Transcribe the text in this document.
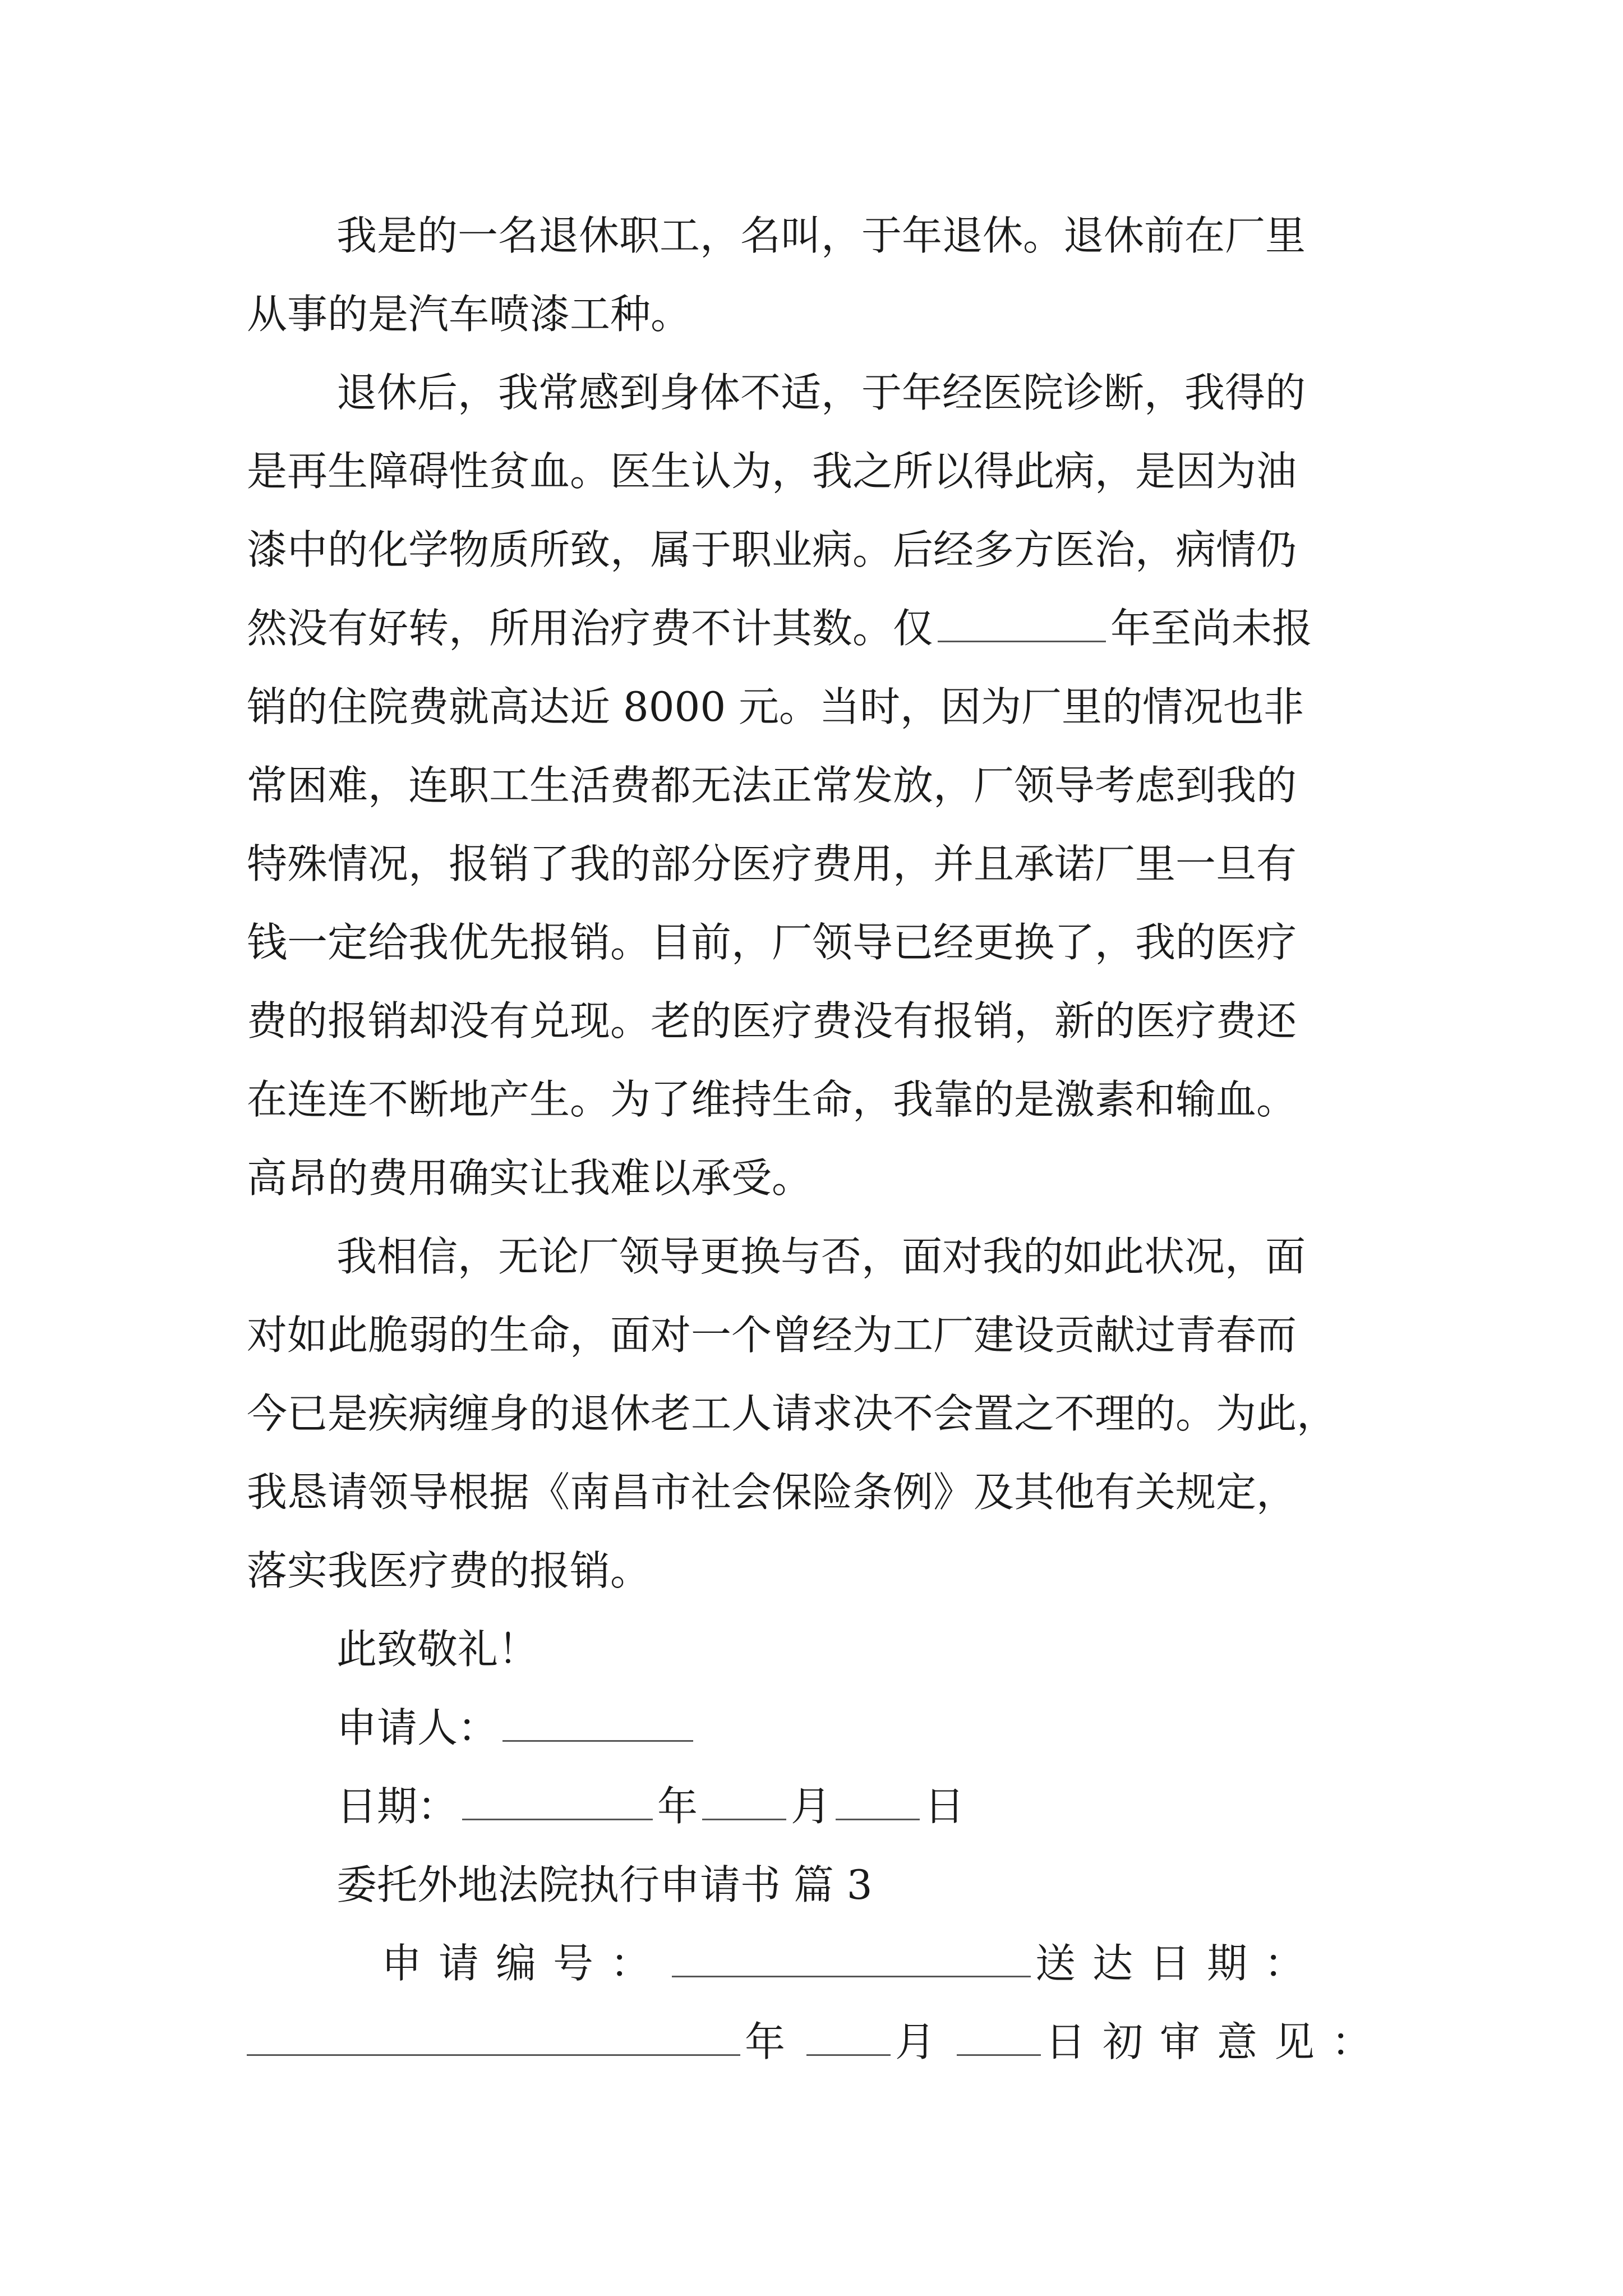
我是的一名退休职工，名叫，于年退休。退休前在厂里
从事的是汽车喷漆工种。
退休后，我常感到身体不适，于年经医院诊断，我得的
是再生障碍性贫血。医生认为，我之所以得此病，是因为油
漆中的化学物质所致，属于职业病。后经多方医治，病情仍
然没有好转，所用治疗费不计其数。仅	年至尚未报
销的住院费就高达近 8000 元。当时，因为厂里的情况也非
常困难，连职工生活费都无法正常发放，厂领导考虑到我的
特殊情况，报销了我的部分医疗费用，并且承诺厂里一旦有
钱一定给我优先报销。目前，厂领导已经更换了，我的医疗
费的报销却没有兑现。老的医疗费没有报销，新的医疗费还
在连连不断地产生。为了维持生命，我靠的是激素和输血。
高昂的费用确实让我难以承受。
我相信，无论厂领导更换与否，面对我的如此状况，面
对如此脆弱的生命，面对一个曾经为工厂建设贡献过青春而
今已是疾病缠身的退休老工人请求决不会置之不理的。为此，
我恳请领导根据《南昌市社会保险条例》及其他有关规定，
落实我医疗费的报销。
此致敬礼！
申请人：
日期：	年 月 日
委托外地法院执行申请书 篇 3
申请编号：	送达日期：
年 月 日初审意见：
